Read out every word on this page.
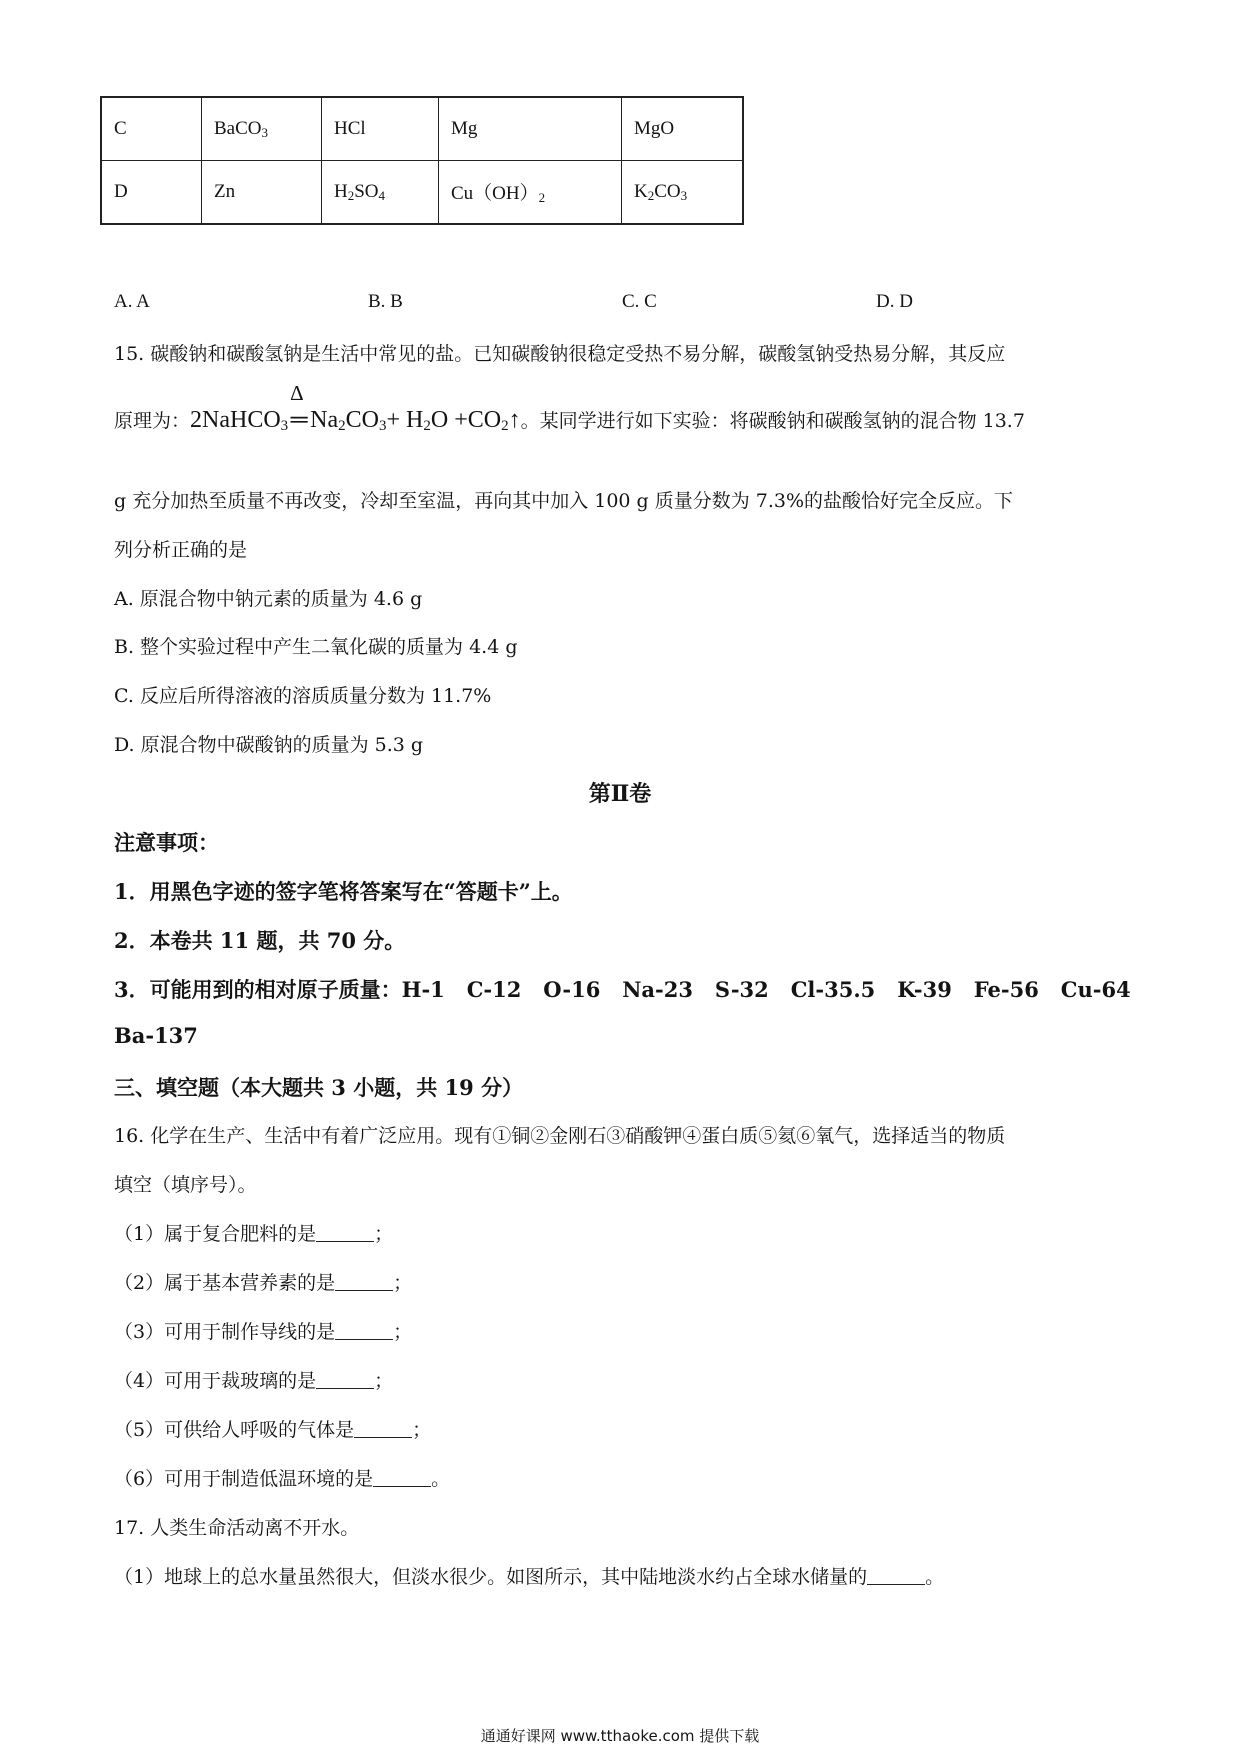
C	BaCO$_3$	HCl	Mg	MgO
D	Zn	$H_2SO_4$	$Cu(OH)_2$	$K_2CO_3$
A. A	B. B	C. C	D. D
15. 碳酸钠和碳酸氢钠是生活中常见的盐。已知碳酸钠很稳定受热不易分解，碳酸氢钠受热易分解，其反应
原理为：2NaHCO$_3$
Δ
═ $Na_2CO_3+ H_2O$ $+CO_2↑$。某同学进行如下实验：将碳酸钠和碳酸氢钠的混合物 13.7
g 充分加热至质量不再改变，冷却至室温，再向其中加入 100 g 质量分数为 7.3%的盐酸恰好完全反应。下
列分析正确的是
A. 原混合物中钠元素的质量为 4.6 g
B. 整个实验过程中产生二氧化碳的质量为 4.4 g
C. 反应后所得溶液的溶质质量分数为 11.7%
D. 原混合物中碳酸钠的质量为 5.3 g
第Ⅱ卷
注意事项：
1．用黑色字迹的签字笔将答案写在“答题卡”上。
2．本卷共 11 题，共 70 分。
3．可能用到的相对原子质量：H-1   C-12   O-16   Na-23   S-32   Cl-35.5   K-39   Fe-56   Cu-64
Ba-137
三、填空题（本大题共 3 小题，共 19 分）
16. 化学在生产、生活中有着广泛应用。现有①铜②金刚石③硝酸钾④蛋白质⑤氦⑥氧气，选择适当的物质
填空（填序号）。
（1）属于复合肥料的是	；
（2）属于基本营养素的是	；
（3）可用于制作导线的是	；
（4）可用于裁玻璃的是	；
（5）可供给人呼吸的气体是	；
（6）可用于制造低温环境的是	。
17. 人类生命活动离不开水。
（1）地球上的总水量虽然很大，但淡水很少。如图所示，其中陆地淡水约占全球水储量的	。
通通好课网 www.tthaoke.com 提供下载
